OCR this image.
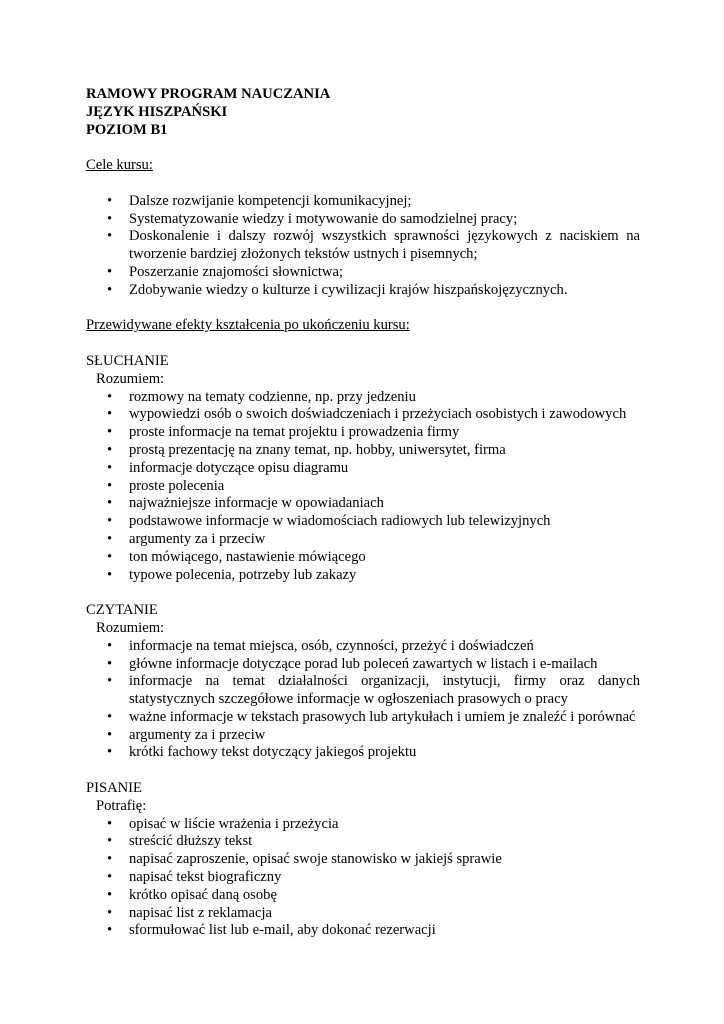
RAMOWY PROGRAM NAUCZANIA
JĘZYK HISZPAŃSKI
POZIOM B1
Cele kursu:
•	Dalsze rozwijanie kompetencji komunikacyjnej;
•	Systematyzowanie wiedzy i motywowanie do samodzielnej pracy;
•	Doskonalenie i dalszy rozwój wszystkich sprawności językowych z naciskiem na tworzenie bardziej złożonych tekstów ustnych i pisemnych;
•	Poszerzanie znajomości słownictwa;
•	Zdobywanie wiedzy o kulturze i cywilizacji krajów hiszpańskojęzycznych.
Przewidywane efekty kształcenia po ukończeniu kursu:
SŁUCHANIE
Rozumiem:
•	rozmowy na tematy codzienne, np. przy jedzeniu
•	wypowiedzi osób o swoich doświadczeniach i przeżyciach osobistych i zawodowych
•	proste informacje na temat projektu i prowadzenia firmy
•	prostą prezentację na znany temat, np. hobby, uniwersytet, firma
•	informacje dotyczące opisu diagramu
•	proste polecenia
•	najważniejsze informacje w opowiadaniach
•	podstawowe informacje w wiadomościach radiowych lub telewizyjnych
•	argumenty za i przeciw
•	ton mówiącego, nastawienie mówiącego
•	typowe polecenia, potrzeby lub zakazy
CZYTANIE
Rozumiem:
•	informacje na temat miejsca, osób, czynności, przeżyć i doświadczeń
•	główne informacje dotyczące porad lub poleceń zawartych w listach i e-mailach
•	informacje na temat działalności organizacji, instytucji, firmy oraz danych statystycznych szczegółowe informacje w ogłoszeniach prasowych o pracy
•	ważne informacje w tekstach prasowych lub artykułach i umiem je znaleźć i porównać
•	argumenty za i przeciw
•	krótki fachowy tekst dotyczący jakiegoś projektu
PISANIE
Potrafię:
•	opisać w liście wrażenia i przeżycia
•	streścić dłuższy tekst
•	napisać zaproszenie, opisać swoje stanowisko w jakiejś sprawie
•	napisać tekst biograficzny
•	krótko opisać daną osobę
•	napisać list z reklamacja
•	sformułować list lub e-mail, aby dokonać rezerwacji
